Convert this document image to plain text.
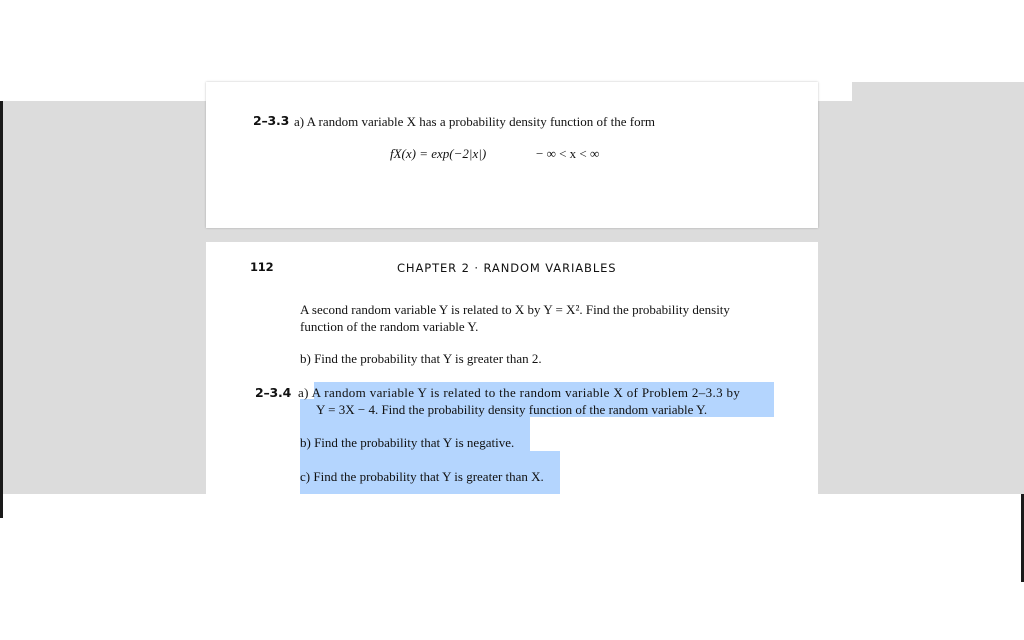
2–3.3 a) A random variable X has a probability density function of the form
fX(x) = exp(−2|x|)	− ∞ < x < ∞
112	CHAPTER 2 · RANDOM VARIABLES
A second random variable Y is related to X by Y = X². Find the probability density
function of the random variable Y.
b) Find the probability that Y is greater than 2.
2–3.4 a) A random variable Y is related to the random variable X of Problem 2–3.3 by
Y = 3X − 4. Find the probability density function of the random variable Y.
b) Find the probability that Y is negative.
c) Find the probability that Y is greater than X.
